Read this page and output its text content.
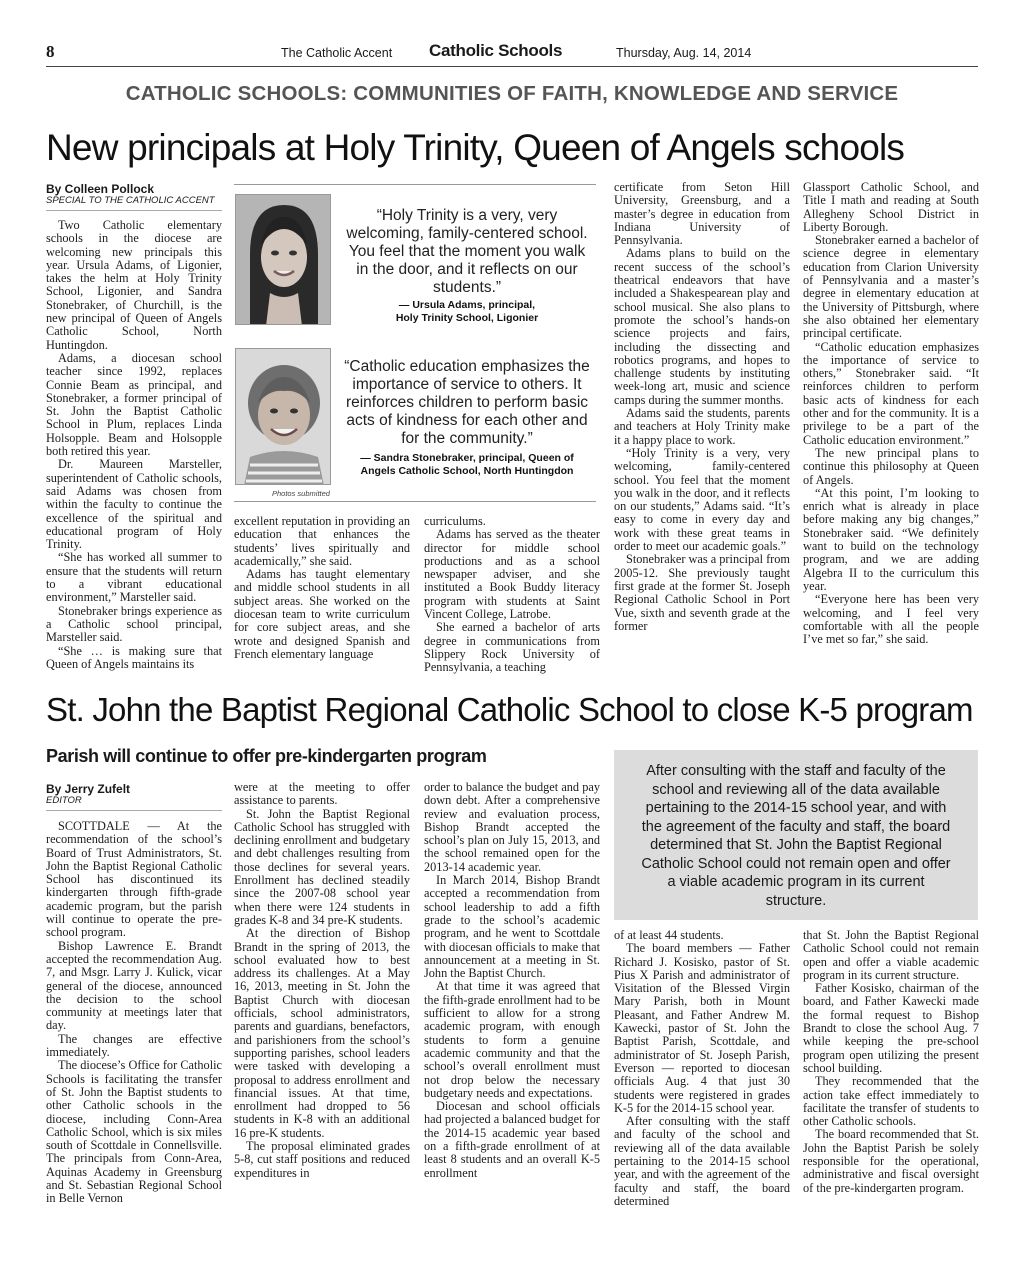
8	The Catholic Accent Catholic Schools	Thursday, Aug. 14, 2014
CATHOLIC SCHOOLS: COMMUNITIES OF FAITH, KNOWLEDGE AND SERVICE
New principals at Holy Trinity, Queen of Angels schools
By Colleen Pollock
SPECIAL TO THE CATHOLIC ACCENT

Two Catholic elementary schools in the diocese are welcoming new principals this year. Ursula Adams, of Ligonier, takes the helm at Holy Trinity School, Ligonier, and Sandra Stonebraker, of Churchill, is the new principal of Queen of Angels Catholic School, North Huntingdon.

Adams, a diocesan school teacher since 1992, replaces Connie Beam as principal, and Stonebraker, a former principal of St. John the Baptist Catholic School in Plum, replaces Linda Holsopple. Beam and Holsopple both retired this year.

Dr. Maureen Marsteller, superintendent of Catholic schools, said Adams was chosen from within the faculty to continue the excellence of the spiritual and educational program of Holy Trinity.

“She has worked all summer to ensure that the students will return to a vibrant educational environment,” Marsteller said.

Stonebraker brings experience as a Catholic school principal, Marsteller said.

“She … is making sure that Queen of Angels maintains its

“Holy Trinity is a very, very welcoming, family-centered school. You feel that the moment you walk in the door, and it reflects on our students.”
— Ursula Adams, principal,
Holy Trinity School, Ligonier
“Catholic education emphasizes the importance of service to others. It reinforces children to perform basic acts of kindness for each other and for the community.”
— Sandra Stonebraker, principal, Queen of
Angels Catholic School, North Huntingdon
Photos submitted

excellent reputation in providing an education that enhances the students’ lives spiritually and academically,” she said.

Adams has taught elementary and middle school students in all subject areas. She worked on the diocesan team to write curriculum for core subject areas, and she wrote and designed Spanish and French elementary language

curriculums.

Adams has served as the theater director for middle school productions and as a school newspaper adviser, and she instituted a Book Buddy literacy program with students at Saint Vincent College, Latrobe.

She earned a bachelor of arts degree in communications from Slippery Rock University of Pennsylvania, a teaching

certificate from Seton Hill University, Greensburg, and a master’s degree in education from Indiana University of Pennsylvania.

Adams plans to build on the recent success of the school’s theatrical endeavors that have included a Shakespearean play and school musical. She also plans to promote the school’s hands-on science projects and fairs, including the dissecting and robotics programs, and hopes to challenge students by instituting week-long art, music and science camps during the summer months.

Adams said the students, parents and teachers at Holy Trinity make it a happy place to work.

“Holy Trinity is a very, very welcoming, family-centered school. You feel that the moment you walk in the door, and it reflects on our students,” Adams said. “It’s easy to come in every day and work with these great teams in order to meet our academic goals.”

Stonebraker was a principal from 2005-12. She previously taught first grade at the former St. Joseph Regional Catholic School in Port Vue, sixth and seventh grade at the former

Glassport Catholic School, and Title I math and reading at South Allegheny School District in Liberty Borough.

Stonebraker earned a bachelor of science degree in elementary education from Clarion University of Pennsylvania and a master’s degree in elementary education at the University of Pittsburgh, where she also obtained her elementary principal certificate.

“Catholic education emphasizes the importance of service to others,” Stonebraker said. “It reinforces children to perform basic acts of kindness for each other and for the community. It is a privilege to be a part of the Catholic education environment.”

The new principal plans to continue this philosophy at Queen of Angels.

“At this point, I’m looking to enrich what is already in place before making any big changes,” Stonebraker said. “We definitely want to build on the technology program, and we are adding Algebra II to the curriculum this year.

“Everyone here has been very welcoming, and I feel very comfortable with all the people I’ve met so far,” she said.

St. John the Baptist Regional Catholic School to close K-5 program
Parish will continue to offer pre-kindergarten program
By Jerry Zufelt
EDITOR

SCOTTDALE — At the recommendation of the school’s Board of Trust Administrators, St. John the Baptist Regional Catholic School has discontinued its kindergarten through fifth-grade academic program, but the parish will continue to operate the pre-school program.

Bishop Lawrence E. Brandt accepted the recommendation Aug. 7, and Msgr. Larry J. Kulick, vicar general of the diocese, announced the decision to the school community at meetings later that day.

The changes are effective immediately.

The diocese’s Office for Catholic Schools is facilitating the transfer of St. John the Baptist students to other Catholic schools in the diocese, including Conn-Area Catholic School, which is six miles south of Scottdale in Connellsville. The principals from Conn-Area, Aquinas Academy in Greensburg and St. Sebastian Regional School in Belle Vernon

were at the meeting to offer assistance to parents.

St. John the Baptist Regional Catholic School has struggled with declining enrollment and budgetary and debt challenges resulting from those declines for several years. Enrollment has declined steadily since the 2007-08 school year when there were 124 students in grades K-8 and 34 pre-K students.

At the direction of Bishop Brandt in the spring of 2013, the school evaluated how to best address its challenges. At a May 16, 2013, meeting in St. John the Baptist Church with diocesan officials, school administrators, parents and guardians, benefactors, and parishioners from the school’s supporting parishes, school leaders were tasked with developing a proposal to address enrollment and financial issues. At that time, enrollment had dropped to 56 students in K-8 with an additional 16 pre-K students.

The proposal eliminated grades 5-8, cut staff positions and reduced expenditures in

order to balance the budget and pay down debt. After a comprehensive review and evaluation process, Bishop Brandt accepted the school’s plan on July 15, 2013, and the school remained open for the 2013-14 academic year.

In March 2014, Bishop Brandt accepted a recommendation from school leadership to add a fifth grade to the school’s academic program, and he went to Scottdale with diocesan officials to make that announcement at a meeting in St. John the Baptist Church.

At that time it was agreed that the fifth-grade enrollment had to be sufficient to allow for a strong academic program, with enough students to form a genuine academic community and that the school’s overall enrollment must not drop below the necessary budgetary needs and expectations.

Diocesan and school officials had projected a balanced budget for the 2014-15 academic year based on a fifth-grade enrollment of at least 8 students and an overall K-5 enrollment

After consulting with the staff and faculty of the school and reviewing all of the data available pertaining to the 2014-15 school year, and with the agreement of the faculty and staff, the board determined that St. John the Baptist Regional Catholic School could not remain open and offer a viable academic program in its current structure.

of at least 44 students.

The board members — Father Richard J. Kosisko, pastor of St. Pius X Parish and administrator of Visitation of the Blessed Virgin Mary Parish, both in Mount Pleasant, and Father Andrew M. Kawecki, pastor of St. John the Baptist Parish, Scottdale, and administrator of St. Joseph Parish, Everson — reported to diocesan officials Aug. 4 that just 30 students were registered in grades K-5 for the 2014-15 school year.

After consulting with the staff and faculty of the school and reviewing all of the data available pertaining to the 2014-15 school year, and with the agreement of the faculty and staff, the board determined

that St. John the Baptist Regional Catholic School could not remain open and offer a viable academic program in its current structure.

Father Kosisko, chairman of the board, and Father Kawecki made the formal request to Bishop Brandt to close the school Aug. 7 while keeping the pre-school program open utilizing the present school building.

They recommended that the action take effect immediately to facilitate the transfer of students to other Catholic schools.

The board recommended that St. John the Baptist Parish be solely responsible for the operational, administrative and fiscal oversight of the pre-kindergarten program.
